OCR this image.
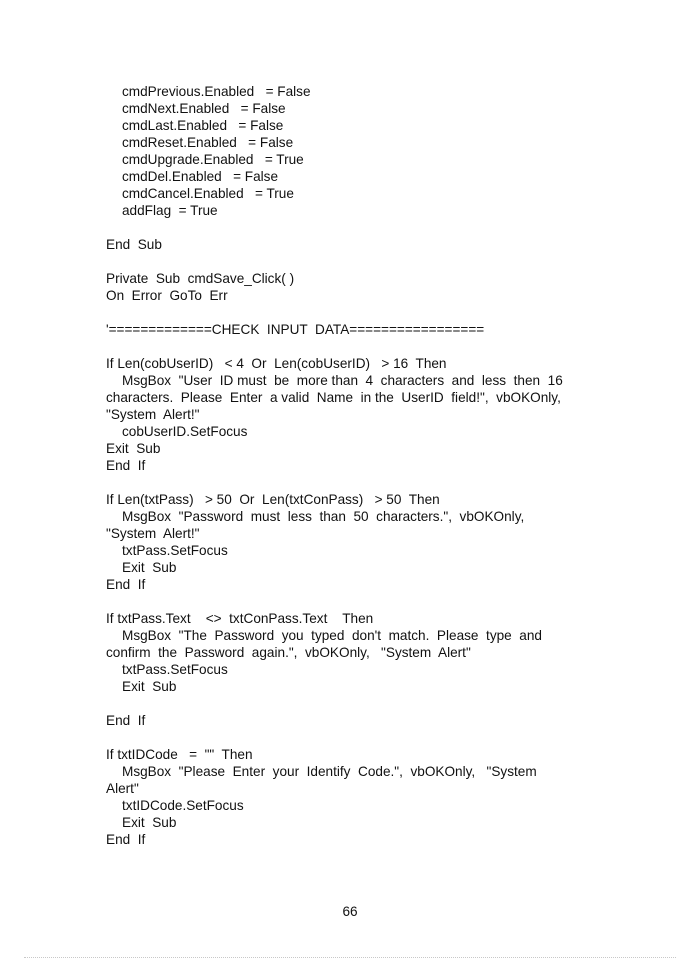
cmdPrevious.Enabled   = False
cmdNext.Enabled   = False
cmdLast.Enabled   = False
cmdReset.Enabled   = False
cmdUpgrade.Enabled   = True
cmdDel.Enabled   = False
cmdCancel.Enabled   = True
addFlag  = True
End  Sub
Private  Sub  cmdSave_Click( )
On  Error  GoTo  Err
'=============CHECK  INPUT  DATA=================
If Len(cobUserID)   < 4  Or  Len(cobUserID)   > 16  Then
MsgBox  "User  ID must  be  more than  4  characters  and  less  then  16
characters.  Please  Enter  a valid  Name  in the  UserID  field!",  vbOKOnly,
"System  Alert!"
cobUserID.SetFocus
Exit  Sub
End  If
If Len(txtPass)   > 50  Or  Len(txtConPass)   > 50  Then
MsgBox  "Password  must  less  than  50  characters.",  vbOKOnly,
"System  Alert!"
txtPass.SetFocus
Exit  Sub
End  If
If txtPass.Text    <>  txtConPass.Text    Then
MsgBox  "The  Password  you  typed  don't  match.  Please  type  and
confirm  the  Password  again.",  vbOKOnly,   "System  Alert"
txtPass.SetFocus
Exit  Sub
End  If
If txtIDCode   =  ""  Then
MsgBox  "Please  Enter  your  Identify  Code.",  vbOKOnly,   "System
Alert"
txtIDCode.SetFocus
Exit  Sub
End  If
66
